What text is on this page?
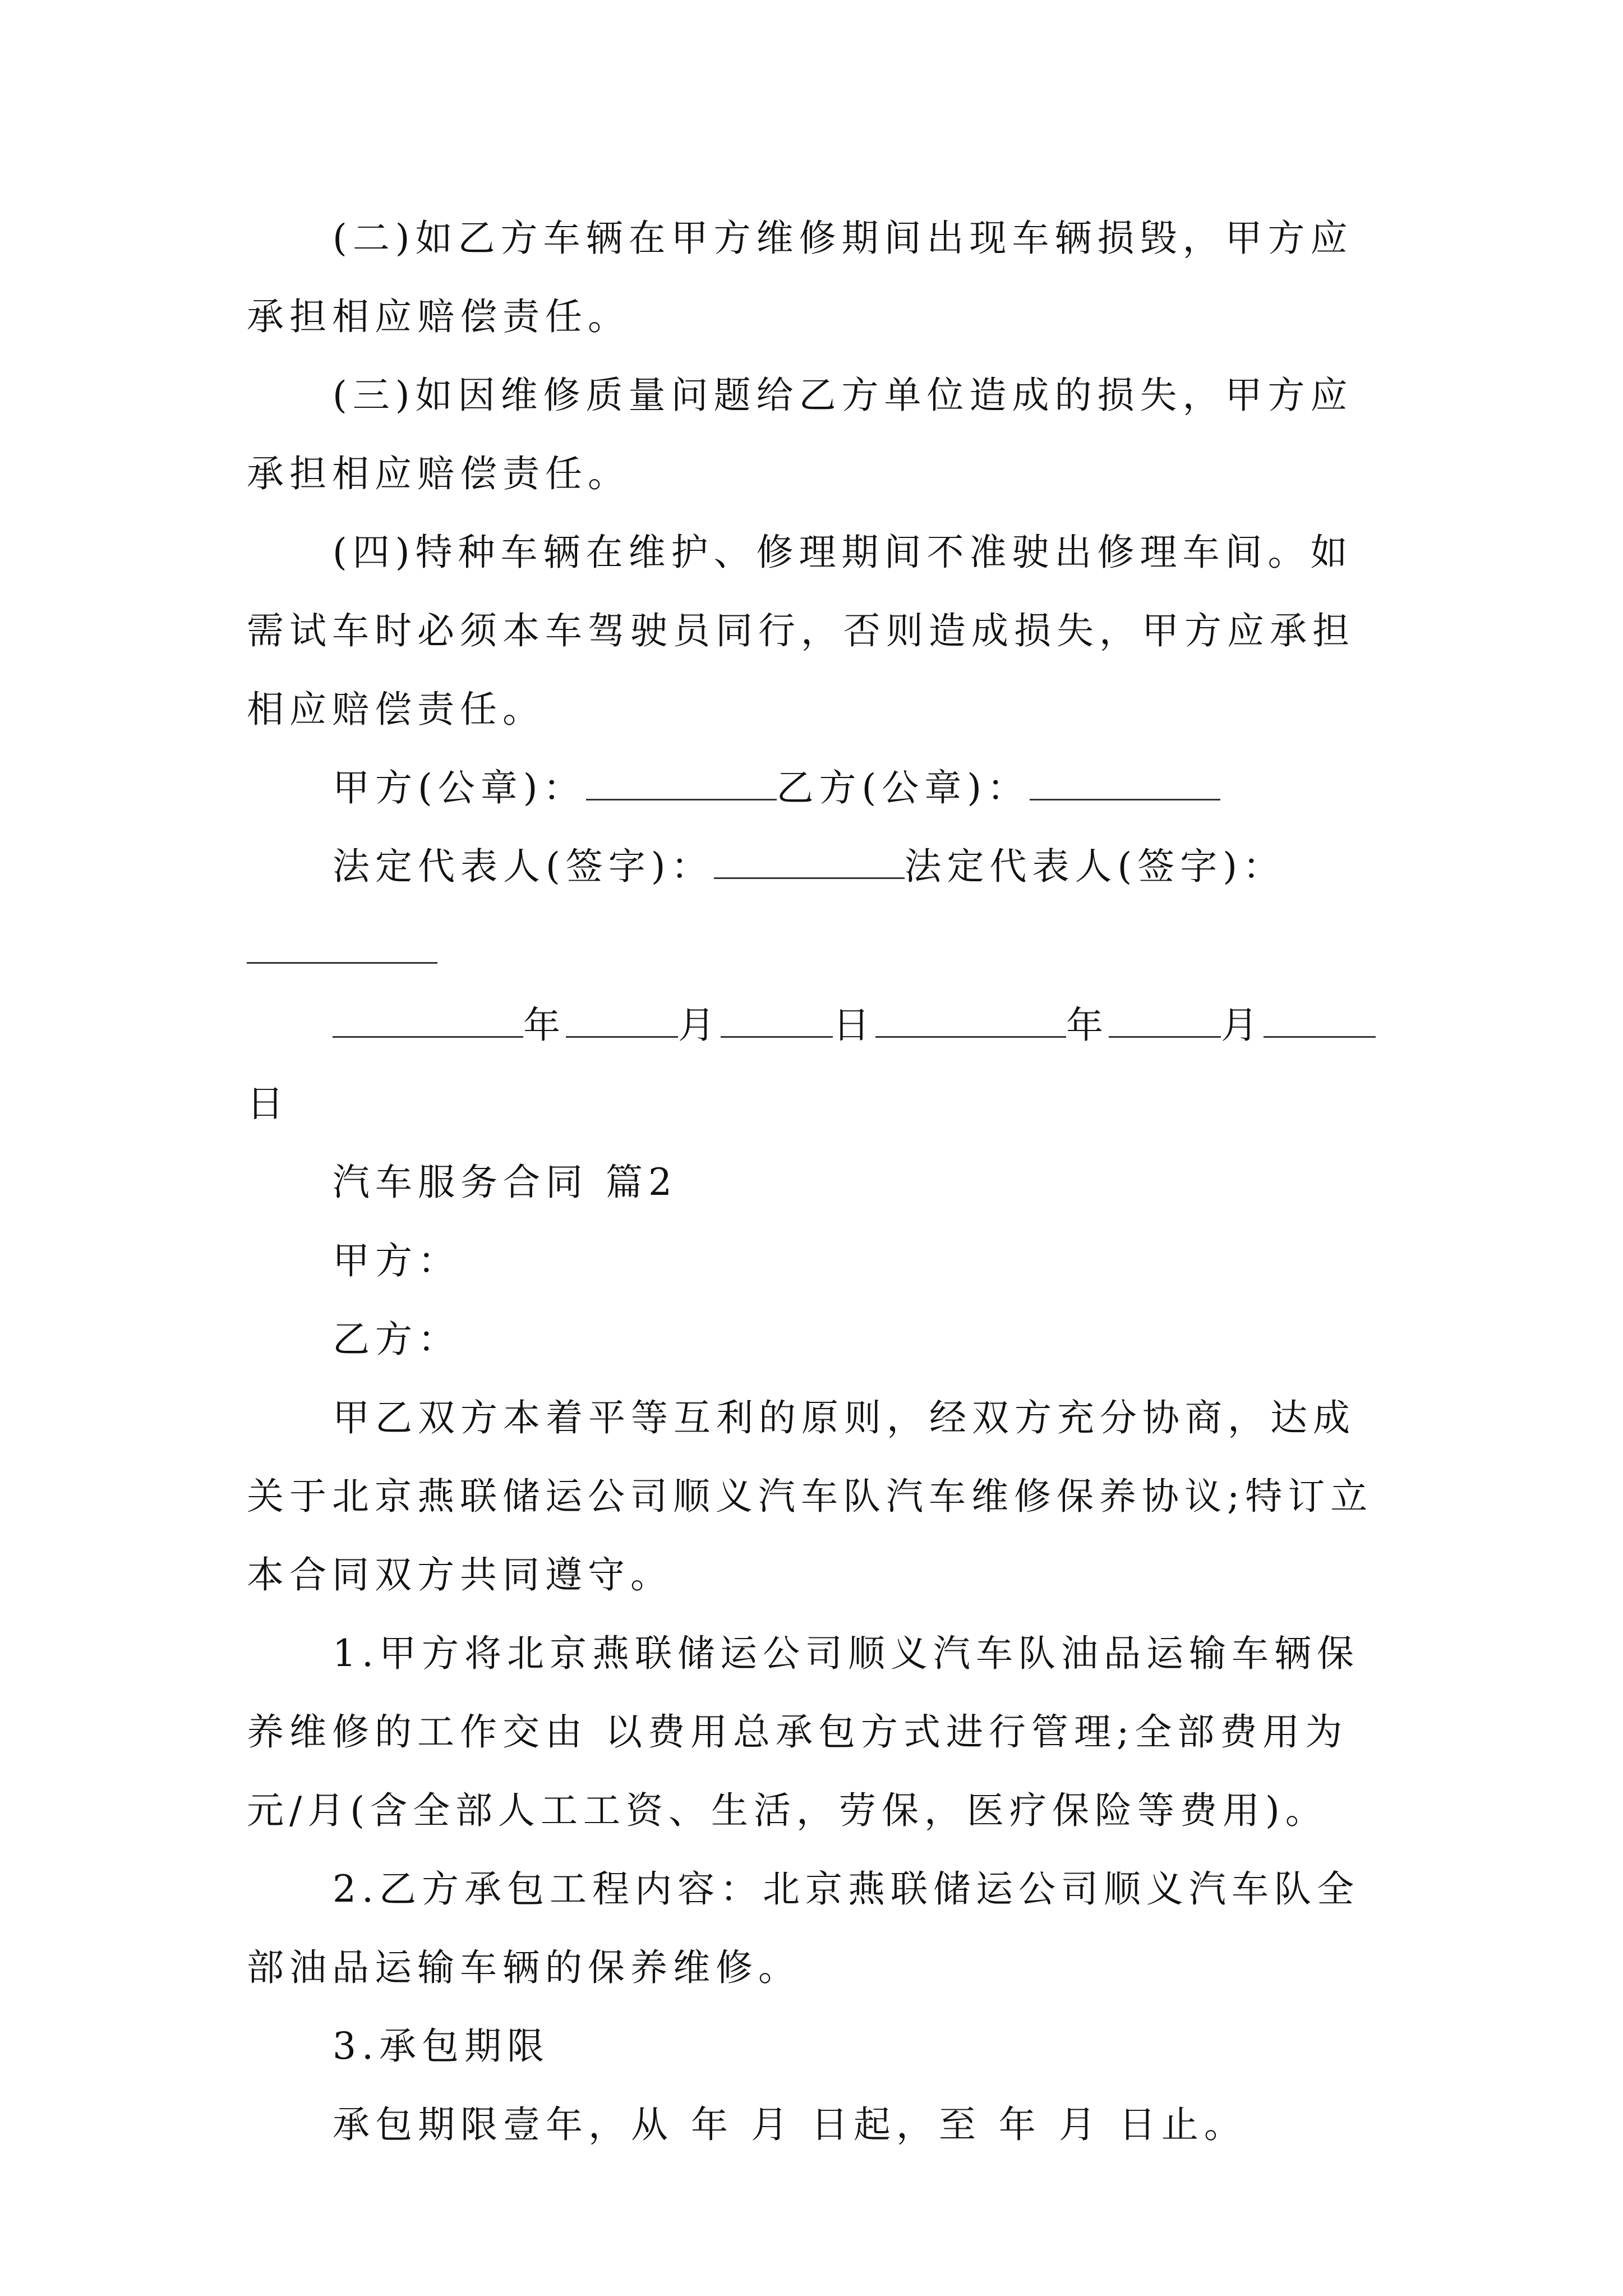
(二)如乙方车辆在甲方维修期间出现车辆损毁，甲方应承担相应赔偿责任。

(三)如因维修质量问题给乙方单位造成的损失，甲方应承担相应赔偿责任。

(四)特种车辆在维护、修理期间不准驶出修理车间。如需试车时必须本车驾驶员同行，否则造成损失，甲方应承担相应赔偿责任。

甲方(公章)：	乙方(公章)：

法定代表人(签字)：	法定代表人(签字)：

年	月	日	年	月日

汽车服务合同 篇2

甲方：

乙方：

甲乙双方本着平等互利的原则，经双方充分协商，达成关于北京燕联储运公司顺义汽车队汽车维修保养协议;特订立本合同双方共同遵守。

1.甲方将北京燕联储运公司顺义汽车队油品运输车辆保养维修的工作交由 以费用总承包方式进行管理;全部费用为元/月(含全部人工工资、生活，劳保，医疗保险等费用)。

2.乙方承包工程内容：北京燕联储运公司顺义汽车队全部油品运输车辆的保养维修。

3.承包期限

承包期限壹年，从 年 月 日起，至 年 月 日止。
